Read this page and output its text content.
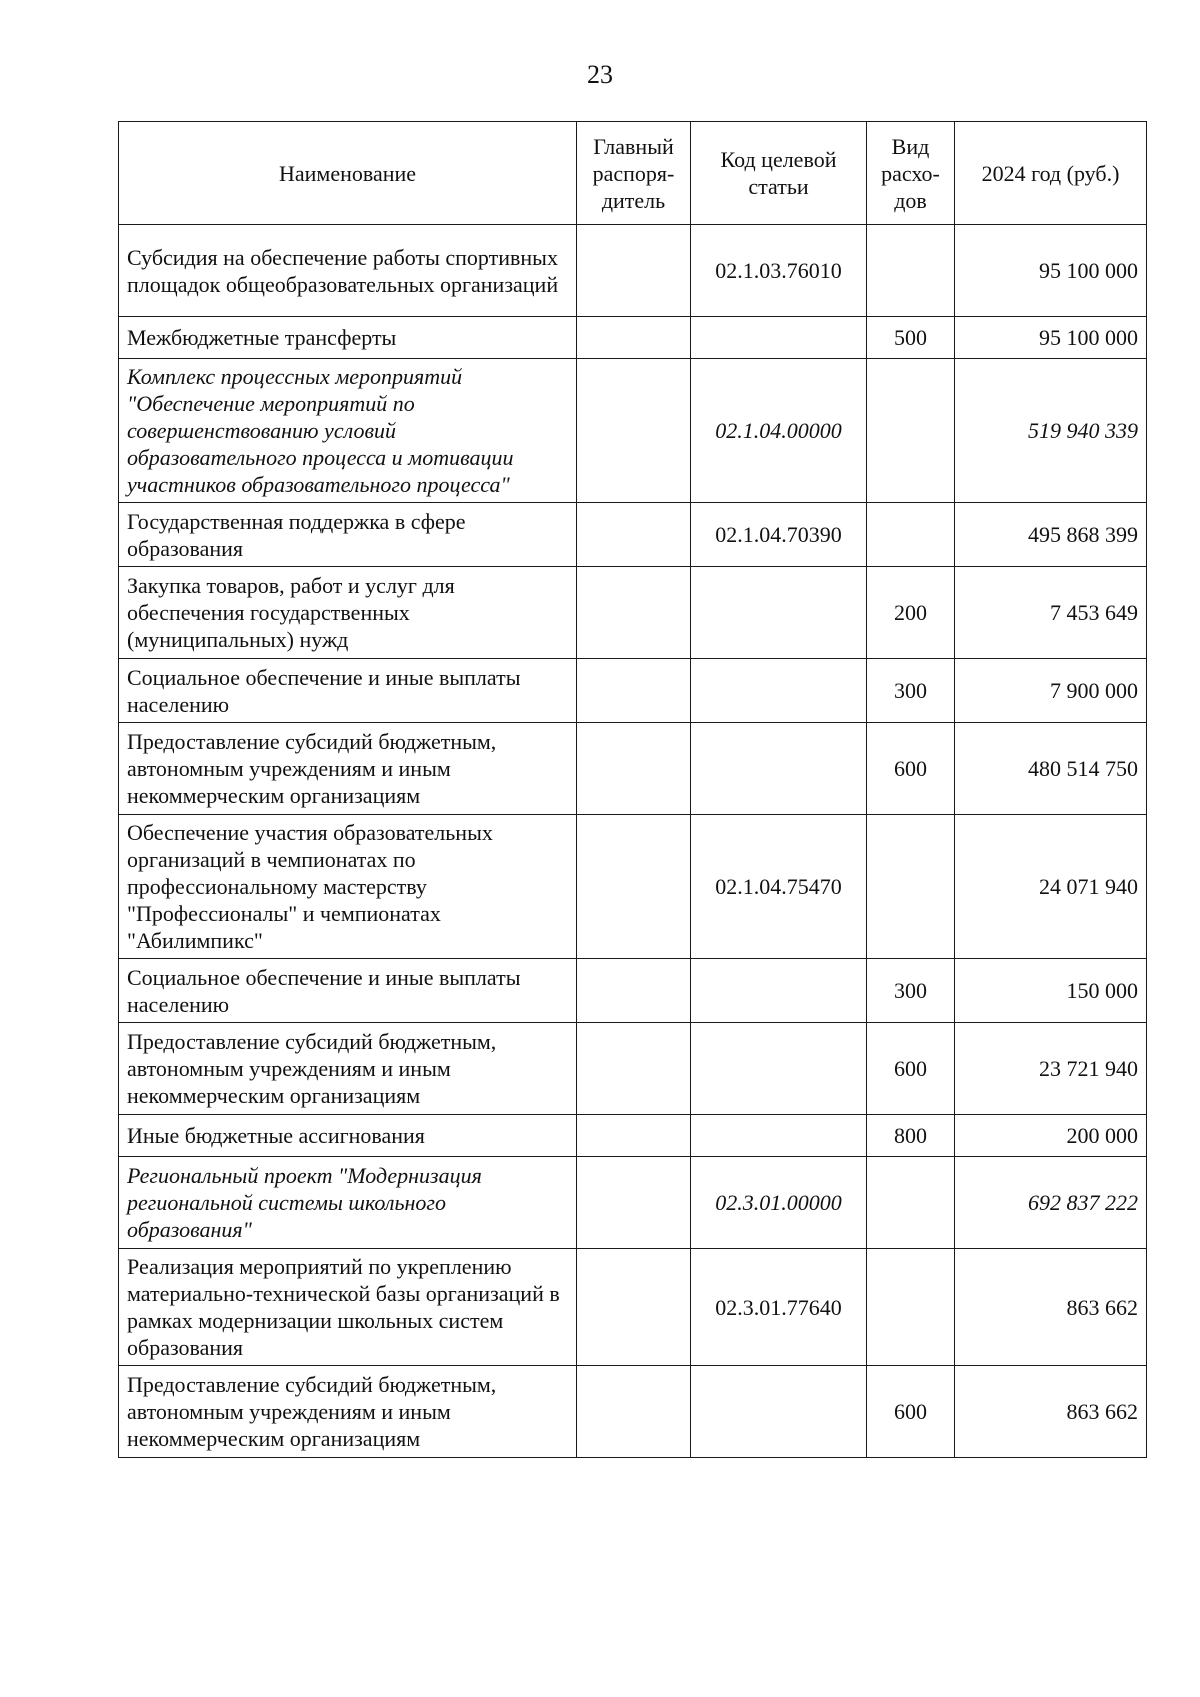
23
Наименование	Главный распоря-дитель	Код целевой статьи	Вид расхо-дов	2024 год (руб.)
Субсидия на обеспечение работы спортивных площадок общеобразовательных организаций		02.1.03.76010		95 100 000
Межбюджетные трансферты			500	95 100 000
Комплекс процессных мероприятий "Обеспечение мероприятий по совершенствованию условий образовательного процесса и мотивации участников образовательного процесса"		02.1.04.00000		519 940 339
Государственная поддержка в сфере образования		02.1.04.70390		495 868 399
Закупка товаров, работ и услуг для обеспечения государственных (муниципальных) нужд			200	7 453 649
Социальное обеспечение и иные выплаты населению			300	7 900 000
Предоставление субсидий бюджетным, автономным учреждениям и иным некоммерческим организациям			600	480 514 750
Обеспечение участия образовательных организаций в чемпионатах по профессиональному мастерству "Профессионалы" и чемпионатах "Абилимпикс"		02.1.04.75470		24 071 940
Социальное обеспечение и иные выплаты населению			300	150 000
Предоставление субсидий бюджетным, автономным учреждениям и иным некоммерческим организациям			600	23 721 940
Иные бюджетные ассигнования			800	200 000
Региональный проект "Модернизация региональной системы школьного образования"		02.3.01.00000		692 837 222
Реализация мероприятий по укреплению материально-технической базы организаций в рамках модернизации школьных систем образования		02.3.01.77640		863 662
Предоставление субсидий бюджетным, автономным учреждениям и иным некоммерческим организациям			600	863 662
